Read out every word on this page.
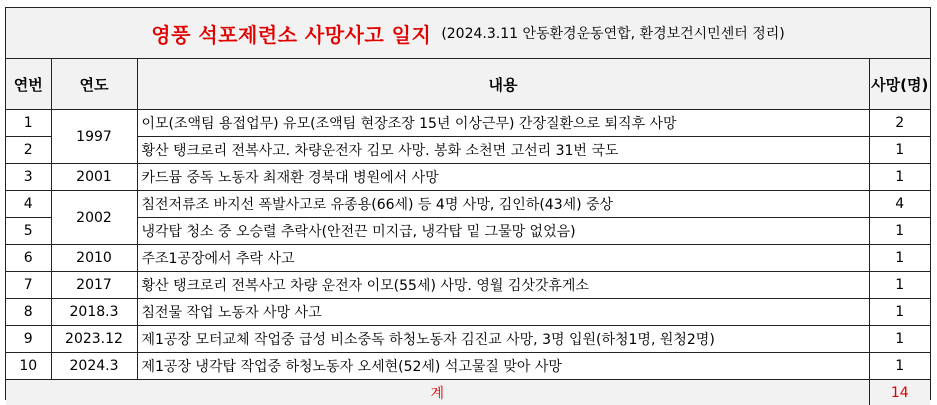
영풍 석포제련소 사망사고 일지 (2024.3.11 안동환경운동연합, 환경보건시민센터 정리)
연번	연도	내용	사망(명)
1	1997	이모(조액팀 용접업무) 유모(조액팀 현장조장 15년 이상근무) 간장질환으로 퇴직후 사망	2
2		황산 탱크로리 전복사고. 차량운전자 김모 사망. 봉화 소천면 고선리 31번 국도	1
3	2001	카드뮴 중독 노동자 최재환 경북대 병원에서 사망	1
4	2002	침전저류조 바지선 폭발사고로 유종용(66세) 등 4명 사망, 김인하(43세) 중상	4
5		냉각탑 청소 중 오승렬 추락사(안전끈 미지급, 냉각탑 밑 그물망 없었음)	1
6	2010	주조1공장에서 추락 사고	1
7	2017	황산 탱크로리 전복사고 차량 운전자 이모(55세) 사망. 영월 김삿갓휴게소	1
8	2018.3	침전물 작업 노동자 사망 사고	1
9	2023.12	제1공장 모터교체 작업중 급성 비소중독 하청노동자 김진교 사망, 3명 입원(하청1명, 원청2명)	1
10	2024.3	제1공장 냉각탑 작업중 하청노동자 오세현(52세) 석고물질 맞아 사망	1
계			14
